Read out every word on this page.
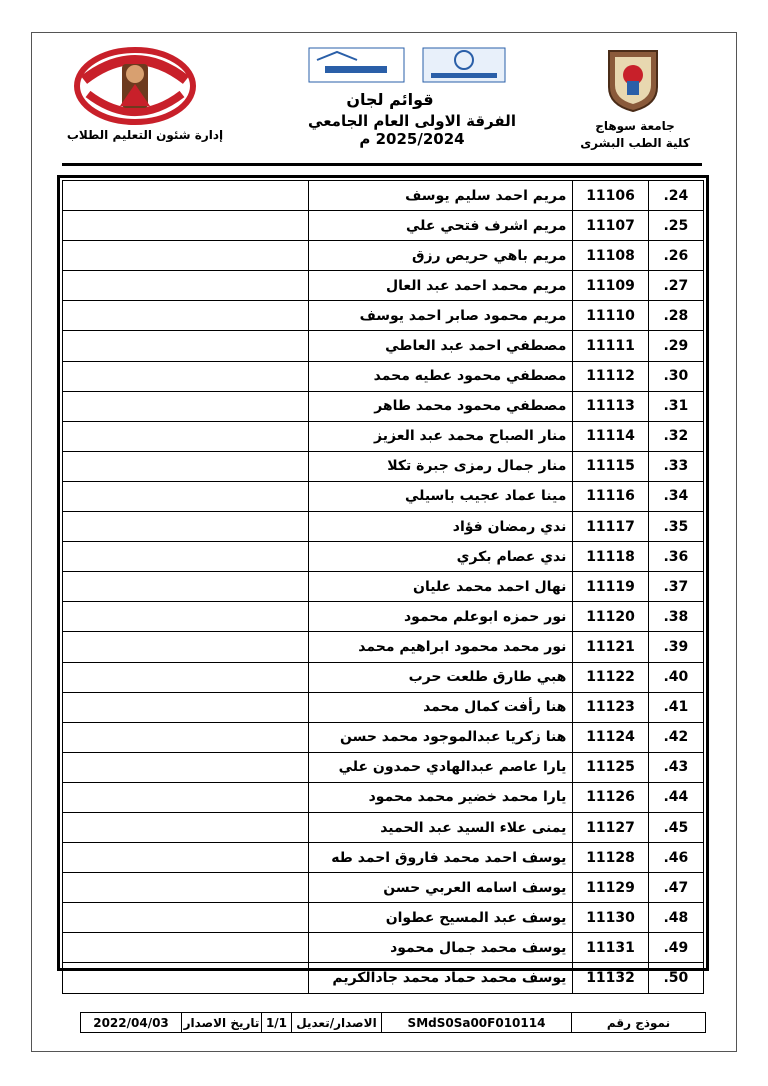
إدارة شئون التعليم الطلاب
قوائم لجان
الفرقة الاولى العام الجامعي 2025/2024 م
جامعة سوهاج
كلية الطب البشرى
	مريم احمد سليم يوسف	11106	.24
	مريم اشرف فتحي علي	11107	.25
	مريم باهي حريص رزق	11108	.26
	مريم محمد احمد عبد العال	11109	.27
	مريم محمود صابر احمد يوسف	11110	.28
	مصطفي احمد عبد العاطي	11111	.29
	مصطفي محمود عطيه محمد	11112	.30
	مصطفي محمود محمد طاهر	11113	.31
	منار الصباح محمد عبد العزيز	11114	.32
	منار جمال رمزى جبرة تكلا	11115	.33
	مينا عماد عجيب باسيلي	11116	.34
	ندي رمضان فؤاد	11117	.35
	ندي عصام بكري	11118	.36
	نهال احمد محمد عليان	11119	.37
	نور حمزه ابوعلم محمود	11120	.38
	نور محمد محمود ابراهيم محمد	11121	.39
	هبي طارق طلعت حرب	11122	.40
	هنا رأفت كمال محمد	11123	.41
	هنا زكريا عبدالموجود محمد حسن	11124	.42
	يارا عاصم عبدالهادي حمدون علي	11125	.43
	يارا محمد خضير محمد محمود	11126	.44
	يمنى علاء السيد عبد الحميد	11127	.45
	يوسف احمد محمد فاروق احمد طه	11128	.46
	يوسف اسامه العربي حسن	11129	.47
	يوسف عبد المسيح عطوان	11130	.48
	يوسف محمد جمال محمود	11131	.49
	يوسف محمد حماد محمد جادالكريم	11132	.50
2022/04/03	تاريخ الاصدار 1/1 الاصدار/تعديل	SMdS0Sa00F010114	نموذج رقم
